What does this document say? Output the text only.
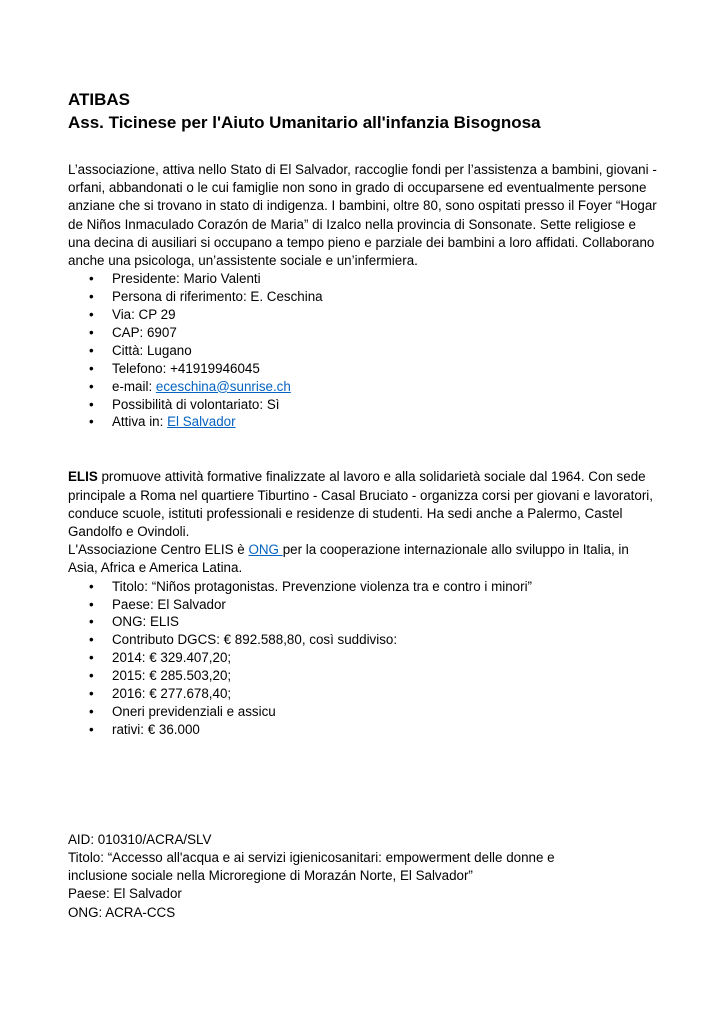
ATIBAS
Ass. Ticinese per l'Aiuto Umanitario all'infanzia Bisognosa

L’associazione, attiva nello Stato di El Salvador, raccoglie fondi per l’assistenza a bambini, giovani - orfani, abbandonati o le cui famiglie non sono in grado di occuparsene ed eventualmente persone anziane che si trovano in stato di indigenza. I bambini, oltre 80, sono ospitati presso il Foyer “Hogar de Niños Inmaculado Corazón de Maria” di Izalco nella provincia di Sonsonate. Sette religiose e una decina di ausiliari si occupano a tempo pieno e parziale dei bambini a loro affidati. Collaborano anche una psicologa, un’assistente sociale e un’infermiera.

• Presidente: Mario Valenti
• Persona di riferimento: E. Ceschina
• Via: CP 29
• CAP: 6907
• Città: Lugano
• Telefono: +41919946045
• e-mail: eceschina@sunrise.ch
• Possibilità di volontariato: Sì
• Attiva in: El Salvador

ELIS promuove attività formative finalizzate al lavoro e alla solidarietà sociale dal 1964. Con sede principale a Roma nel quartiere Tiburtino - Casal Bruciato - organizza corsi per giovani e lavoratori, conduce scuole, istituti professionali e residenze di studenti. Ha sedi anche a Palermo, Castel Gandolfo e Ovindoli.

L'Associazione Centro ELIS è ONG per la cooperazione internazionale allo sviluppo in Italia, in Asia, Africa e America Latina.

• Titolo: “Niños protagonistas. Prevenzione violenza tra e contro i minori”
• Paese: El Salvador
• ONG: ELIS
• Contributo DGCS: € 892.588,80, così suddiviso:
• 2014: € 329.407,20;
• 2015: € 285.503,20;
• 2016: € 277.678,40;
• Oneri previdenziali e assicu
• rativi: € 36.000

AID: 010310/ACRA/SLV

Titolo: “Accesso all'acqua e ai servizi igienicosanitari: empowerment delle donne e

inclusione sociale nella Microregione di Morazán Norte, El Salvador”

Paese: El Salvador

ONG: ACRA-CCS
